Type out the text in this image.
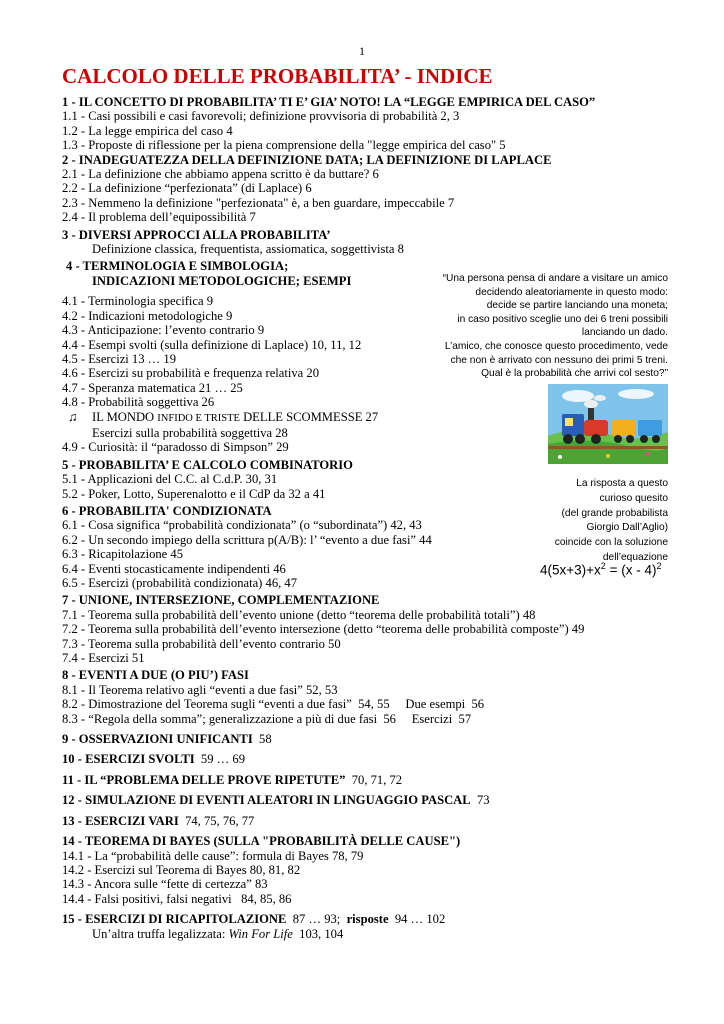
1
CALCOLO DELLE PROBABILITA’ - INDICE
1 - IL CONCETTO DI PROBABILITA’ TI E’ GIA’ NOTO! LA “LEGGE EMPIRICA DEL CASO”
1.1 - Casi possibili e casi favorevoli; definizione provvisoria di probabilità 2, 3
1.2 - La legge empirica del caso 4
1.3 - Proposte di riflessione per la piena comprensione della "legge empirica del caso" 5
2 - INADEGUATEZZA DELLA DEFINIZIONE DATA; LA DEFINIZIONE DI LAPLACE
2.1 - La definizione che abbiamo appena scritto è da buttare? 6
2.2 - La definizione “perfezionata” (di Laplace) 6
2.3 - Nemmeno la definizione "perfezionata" è, a ben guardare, impeccabile 7
2.4 - Il problema dell’equipossibilità 7
3 - DIVERSI APPROCCI ALLA PROBABILITA’
Definizione classica, frequentista, assiomatica, soggettivista 8
4 - TERMINOLOGIA E SIMBOLOGIA;
INDICAZIONI METODOLOGICHE; ESEMPI
4.1 - Terminologia specifica 9
4.2 - Indicazioni metodologiche 9
4.3 - Anticipazione: l’evento contrario 9
4.4 - Esempi svolti (sulla definizione di Laplace) 10, 11, 12
4.5 - Esercizi 13 … 19
4.6 - Esercizi su probabilità e frequenza relativa 20
4.7 - Speranza matematica 21 … 25
4.8 - Probabilità soggettiva 26
♫ IL MONDO INFIDO E TRISTE DELLE SCOMMESSE 27
Esercizi sulla probabilità soggettiva 28
4.9 - Curiosità: il “paradosso di Simpson” 29
5 - PROBABILITA’ E CALCOLO COMBINATORIO
5.1 - Applicazioni del C.C. al C.d.P. 30, 31
5.2 - Poker, Lotto, Superenalotto e il CdP da 32 a 41
6 - PROBABILITA' CONDIZIONATA
6.1 - Cosa significa “probabilità condizionata” (o “subordinata”) 42, 43
6.2 - Un secondo impiego della scrittura p(A/B): l’ “evento a due fasi” 44
6.3 - Ricapitolazione 45
6.4 - Eventi stocasticamente indipendenti 46
6.5 - Esercizi (probabilità condizionata) 46, 47
7 - UNIONE, INTERSEZIONE, COMPLEMENTAZIONE
7.1 - Teorema sulla probabilità dell’evento unione (detto “teorema delle probabilità totali”) 48
7.2 - Teorema sulla probabilità dell’evento intersezione (detto “teorema delle probabilità composte”) 49
7.3 - Teorema sulla probabilità dell’evento contrario 50
7.4 - Esercizi 51
8 - EVENTI A DUE (O PIU’) FASI
8.1 - Il Teorema relativo agli “eventi a due fasi” 52, 53
8.2 - Dimostrazione del Teorema sugli “eventi a due fasi”  54, 55     Due esempi  56
8.3 - “Regola della somma”; generalizzazione a più di due fasi  56     Esercizi  57
9 - OSSERVAZIONI UNIFICANTI  58
10 - ESERCIZI SVOLTI  59 … 69
11 - IL “PROBLEMA DELLE PROVE RIPETUTE”  70, 71, 72
12 - SIMULAZIONE DI EVENTI ALEATORI IN LINGUAGGIO PASCAL  73
13 - ESERCIZI VARI  74, 75, 76, 77
14 - TEOREMA DI BAYES (SULLA "PROBABILITÀ DELLE CAUSE")
14.1 - La “probabilità delle cause”: formula di Bayes 78, 79
14.2 - Esercizi sul Teorema di Bayes 80, 81, 82
14.3 - Ancora sulle “fette di certezza” 83
14.4 - Falsi positivi, falsi negativi   84, 85, 86
15 - ESERCIZI DI RICAPITOLAZIONE  87 … 93;  risposte  94 … 102
Un’altra truffa legalizzata: Win For Life  103, 104
“Una persona pensa di andare a visitare un amico
decidendo aleatoriamente in questo modo:
decide se partire lanciando una moneta;
in caso positivo sceglie uno dei 6 treni possibili
lanciando un dado.
L’amico, che conosce questo procedimento, vede
che non è arrivato con nessuno dei primi 5 treni.
Qual è la probabilità che arrivi col sesto?”
La risposta a questo
curioso quesito
(del grande probabilista
Giorgio Dall’Aglio)
coincide con la soluzione
dell’equazione
$4(5x+3)+x^2 = (x - 4)^2$
